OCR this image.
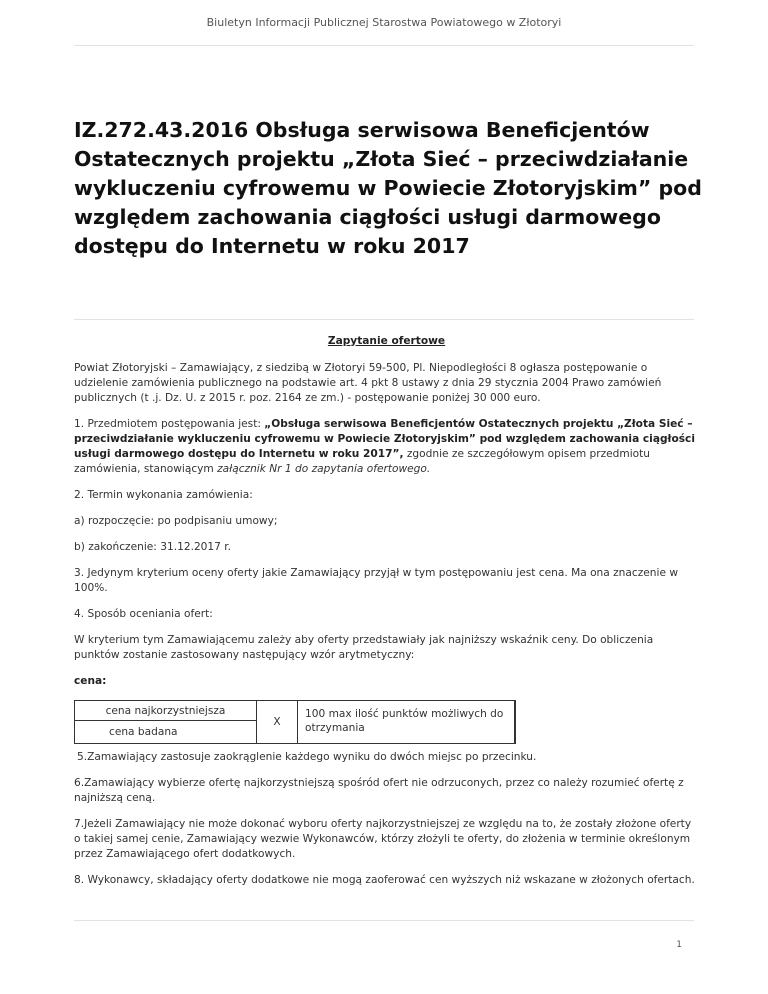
Biuletyn Informacji Publicznej Starostwa Powiatowego w Złotoryi
IZ.272.43.2016 Obsługa serwisowa Beneficjentów Ostatecznych projektu „Złota Sieć – przeciwdziałanie wykluczeniu cyfrowemu w Powiecie Złotoryjskim” pod względem zachowania ciągłości usługi darmowego dostępu do Internetu w roku 2017

Zapytanie ofertowe

Powiat Złotoryjski – Zamawiający, z siedzibą w Złotoryi 59-500, Pl. Niepodległości 8 ogłasza postępowanie o udzielenie zamówienia publicznego na podstawie art. 4 pkt 8 ustawy z dnia 29 stycznia 2004 Prawo zamówień publicznych (t .j. Dz. U. z 2015 r. poz. 2164 ze zm.) - postępowanie poniżej 30 000 euro.

1. Przedmiotem postępowania jest: „Obsługa serwisowa Beneficjentów Ostatecznych projektu „Złota Sieć – przeciwdziałanie wykluczeniu cyfrowemu w Powiecie Złotoryjskim” pod względem zachowania ciągłości usługi darmowego dostępu do Internetu w roku 2017”, zgodnie ze szczegółowym opisem przedmiotu zamówienia, stanowiącym załącznik Nr 1 do zapytania ofertowego.

2. Termin wykonania zamówienia:

a) rozpoczęcie: po podpisaniu umowy;

b) zakończenie: 31.12.2017 r.

3. Jedynym kryterium oceny oferty jakie Zamawiający przyjął w tym postępowaniu jest cena. Ma ona znaczenie w 100%.

4. Sposób oceniania ofert:

W kryterium tym Zamawiającemu zależy aby oferty przedstawiały jak najniższy wskaźnik ceny. Do obliczenia punktów zostanie zastosowany następujący wzór arytmetyczny:

cena:

cena najkorzystniejsza
cena badana
X
100 max ilość punktów możliwych do otrzymania

5.Zamawiający zastosuje zaokrąglenie każdego wyniku do dwóch miejsc po przecinku.

6.Zamawiający wybierze ofertę najkorzystniejszą spośród ofert nie odrzuconych, przez co należy rozumieć ofertę z najniższą ceną.

7.Jeżeli Zamawiający nie może dokonać wyboru oferty najkorzystniejszej ze względu na to, że zostały złożone oferty o takiej samej cenie, Zamawiający wezwie Wykonawców, którzy złożyli te oferty, do złożenia w terminie określonym przez Zamawiającego ofert dodatkowych.

8. Wykonawcy, składający oferty dodatkowe nie mogą zaoferować cen wyższych niż wskazane w złożonych ofertach.

1
